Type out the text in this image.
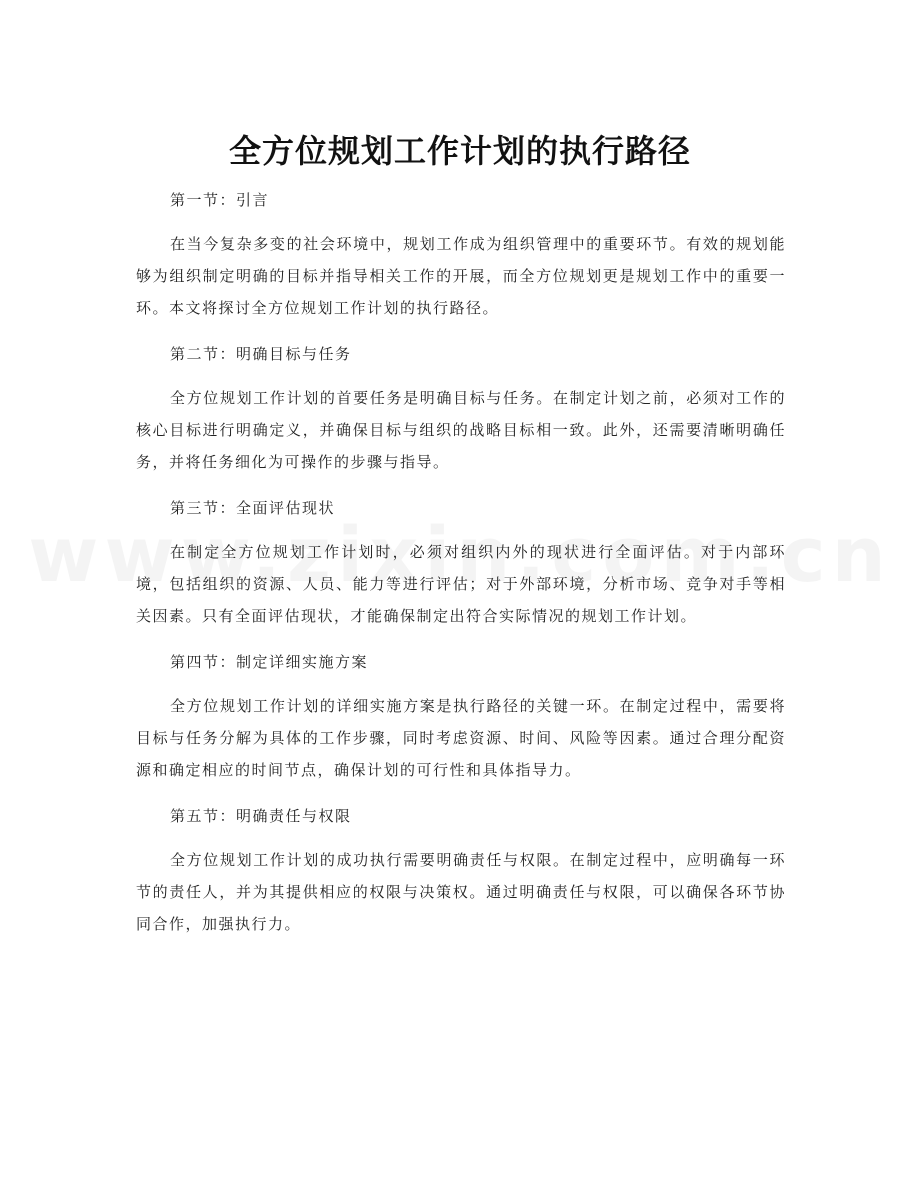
全方位规划工作计划的执行路径

第一节：引言

在当今复杂多变的社会环境中，规划工作成为组织管理中的重要环节。有效的规划能够为组织制定明确的目标并指导相关工作的开展，而全方位规划更是规划工作中的重要一环。本文将探讨全方位规划工作计划的执行路径。

第二节：明确目标与任务

全方位规划工作计划的首要任务是明确目标与任务。在制定计划之前，必须对工作的核心目标进行明确定义，并确保目标与组织的战略目标相一致。此外，还需要清晰明确任务，并将任务细化为可操作的步骤与指导。

第三节：全面评估现状

在制定全方位规划工作计划时，必须对组织内外的现状进行全面评估。对于内部环境，包括组织的资源、人员、能力等进行评估；对于外部环境，分析市场、竞争对手等相关因素。只有全面评估现状，才能确保制定出符合实际情况的规划工作计划。

第四节：制定详细实施方案

全方位规划工作计划的详细实施方案是执行路径的关键一环。在制定过程中，需要将目标与任务分解为具体的工作步骤，同时考虑资源、时间、风险等因素。通过合理分配资源和确定相应的时间节点，确保计划的可行性和具体指导力。

第五节：明确责任与权限

全方位规划工作计划的成功执行需要明确责任与权限。在制定过程中，应明确每一环节的责任人，并为其提供相应的权限与决策权。通过明确责任与权限，可以确保各环节协同合作，加强执行力。
